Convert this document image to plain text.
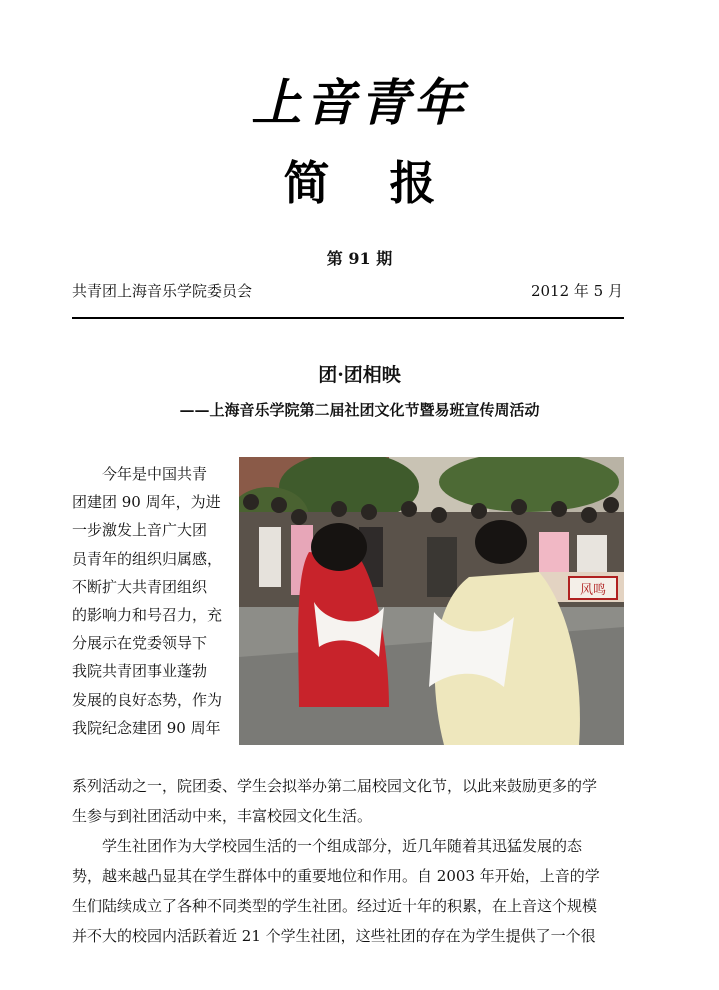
上音青年
简 报
第 91 期
共青团上海音乐学院委员会	2012 年 5 月
团·团相映
——上海音乐学院第二届社团文化节暨易班宣传周活动
今年是中国共青
团建团 90 周年，为进
一步激发上音广大团
员青年的组织归属感，
不断扩大共青团组织
的影响力和号召力，充
分展示在党委领导下
我院共青团事业蓬勃
发展的良好态势，作为
我院纪念建团 90 周年
风鸣
系列活动之一，院团委、学生会拟举办第二届校园文化节，以此来鼓励更多的学
生参与到社团活动中来，丰富校园文化生活。
学生社团作为大学校园生活的一个组成部分，近几年随着其迅猛发展的态
势，越来越凸显其在学生群体中的重要地位和作用。自 2003 年开始，上音的学
生们陆续成立了各种不同类型的学生社团。经过近十年的积累，在上音这个规模
并不大的校园内活跃着近 21 个学生社团，这些社团的存在为学生提供了一个很
